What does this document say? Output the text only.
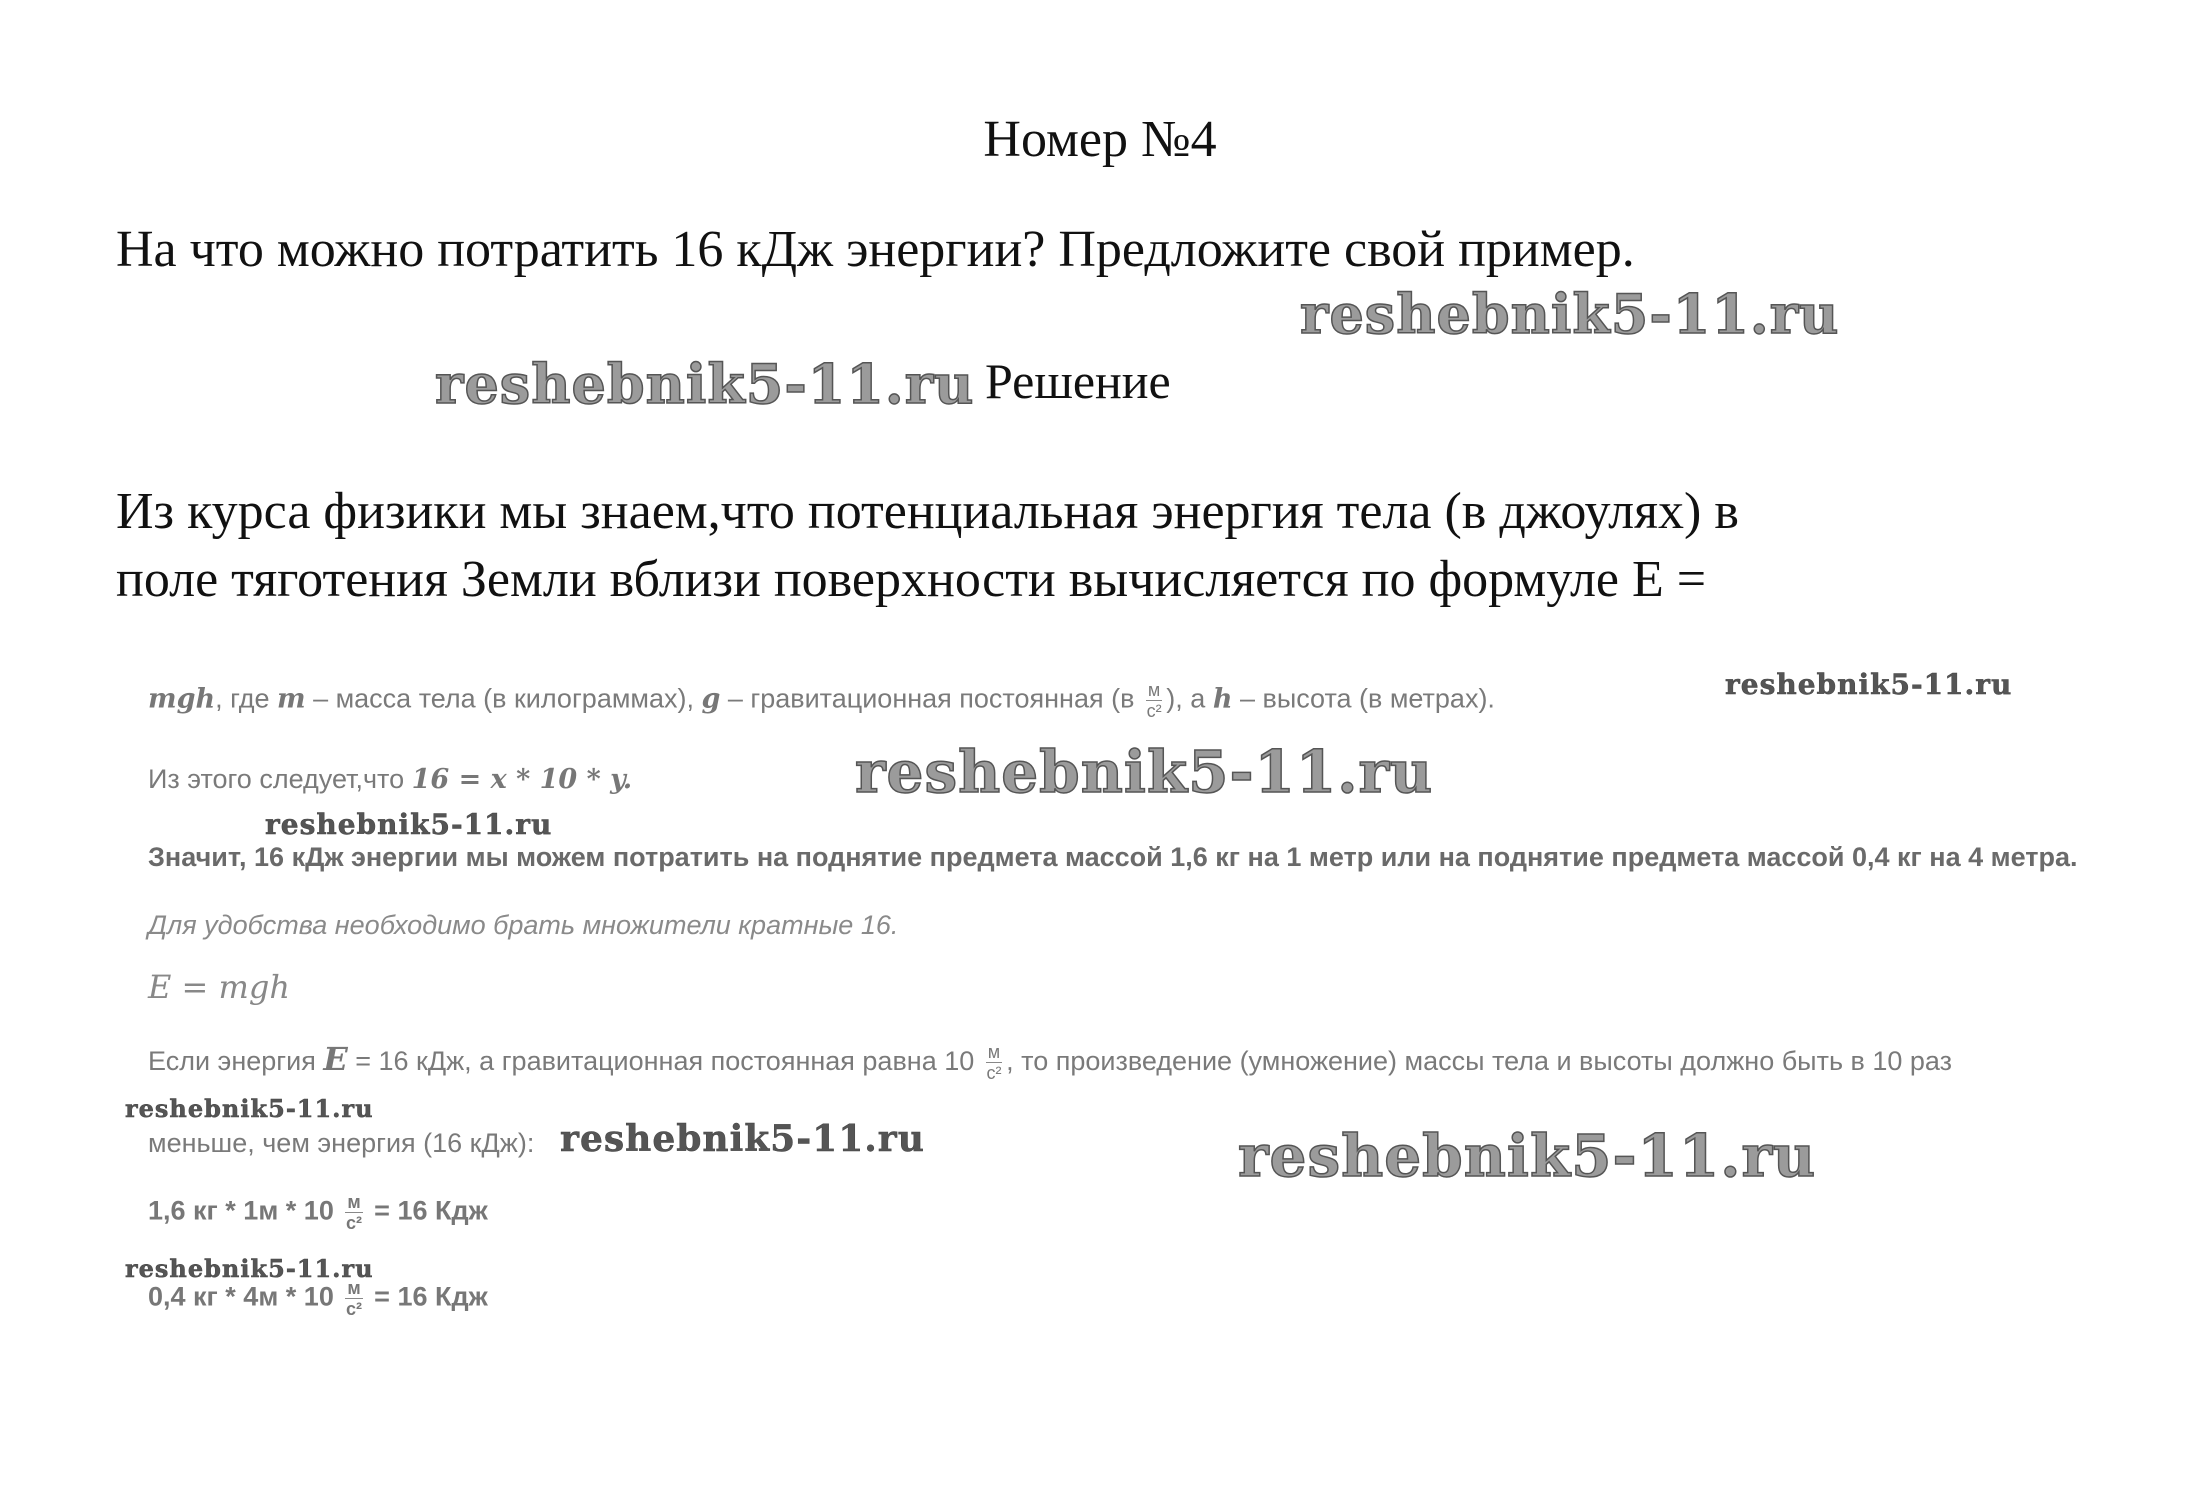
Номер №4
На что можно потратить 16 кДж энергии? Предложите свой пример.
reshebnik5-11.ru
reshebnik5-11.ru Решение
Из курса физики мы знаем,что потенциальная энергия тела (в джоулях) в
поле тяготения Земли вблизи поверхности вычисляется по формуле E =
mgh, где m – масса тела (в килограммах), g – гравитационная постоянная ($в \frac{м}{\text{с²}}$ ), а h – высота (в метрах).	reshebnik5-11.ru
Из этого следует,что 16 = x * 10 * y.	reshebnik5-11.ru
reshebnik5-11.ru
Значит, 16 кДж энергии мы можем потратить на поднятие предмета массой 1,6 кг на 1 метр или на поднятие предмета массой 0,4 кг на 4 метра.
Для удобства необходимо брать множители кратные 16.
E = mgh
Если энергия E = 16 кДж, а гравитационная постоянная равна $10 \frac{м}{\text{с²}}$ , то произведение (умножение) массы тела и высоты должно быть в 10 раз
reshebnik5-11.ru
меньше, чем энергия (16 кДж): reshebnik5-11.ru	reshebnik5-11.ru
1,6 кг * $1м * 10 \frac{м}{\text{с²}} = 16$ Кдж
reshebnik5-11.ru
0,4 кг * $4м * 10 \frac{м}{\text{с²}} = 16$ Кдж
